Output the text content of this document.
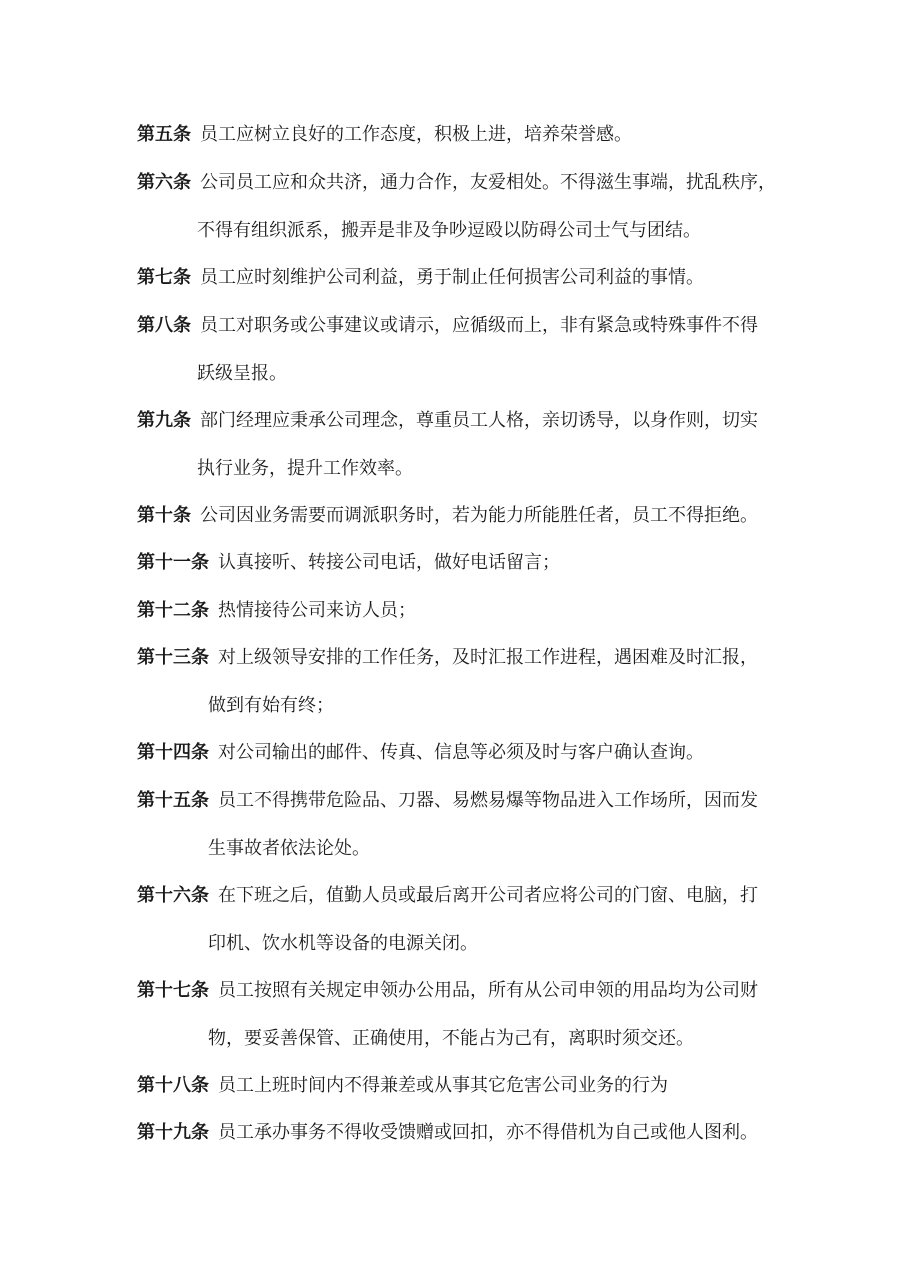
第五条 员工应树立良好的工作态度，积极上进，培养荣誉感。
第六条 公司员工应和众共济，通力合作，友爱相处。不得滋生事端，扰乱秩序，
不得有组织派系，搬弄是非及争吵逗殴以防碍公司士气与团结。
第七条 员工应时刻维护公司利益，勇于制止任何损害公司利益的事情。
第八条 员工对职务或公事建议或请示，应循级而上，非有紧急或特殊事件不得
跃级呈报。
第九条 部门经理应秉承公司理念，尊重员工人格，亲切诱导，以身作则，切实
执行业务，提升工作效率。
第十条 公司因业务需要而调派职务时，若为能力所能胜任者，员工不得拒绝。
第十一条 认真接听、转接公司电话，做好电话留言；
第十二条 热情接待公司来访人员；
第十三条 对上级领导安排的工作任务，及时汇报工作进程，遇困难及时汇报，
做到有始有终；
第十四条 对公司输出的邮件、传真、信息等必须及时与客户确认查询。
第十五条 员工不得携带危险品、刀器、易燃易爆等物品进入工作场所，因而发
生事故者依法论处。
第十六条 在下班之后，值勤人员或最后离开公司者应将公司的门窗、电脑，打
印机、饮水机等设备的电源关闭。
第十七条 员工按照有关规定申领办公用品，所有从公司申领的用品均为公司财
物，要妥善保管、正确使用，不能占为己有，离职时须交还。
第十八条 员工上班时间内不得兼差或从事其它危害公司业务的行为
第十九条 员工承办事务不得收受馈赠或回扣，亦不得借机为自己或他人图利。
